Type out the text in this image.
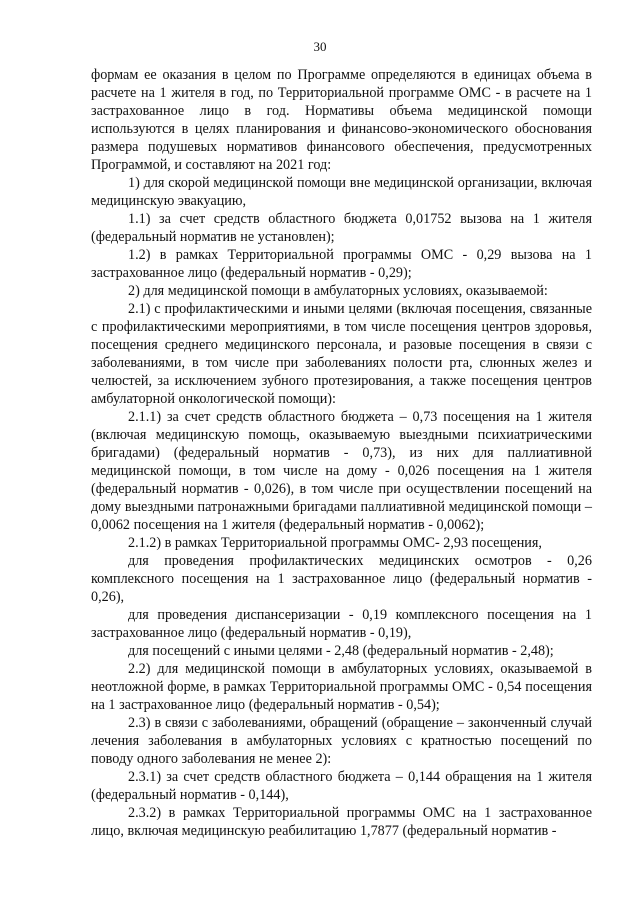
30

формам ее оказания в целом по Программе определяются в единицах объема в расчете на 1 жителя в год, по Территориальной программе ОМС - в расчете на 1 застрахованное лицо в год. Нормативы объема медицинской помощи используются в целях планирования и финансово-экономического обоснования размера подушевых нормативов финансового обеспечения, предусмотренных Программой, и составляют на 2021 год:

1) для скорой медицинской помощи вне медицинской организации, включая медицинскую эвакуацию,

1.1) за счет средств областного бюджета 0,01752 вызова на 1 жителя (федеральный норматив не установлен);

1.2) в рамках Территориальной программы ОМС - 0,29 вызова на 1 застрахованное лицо (федеральный норматив - 0,29);

2) для медицинской помощи в амбулаторных условиях, оказываемой:

2.1) с профилактическими и иными целями (включая посещения, связанные с профилактическими мероприятиями, в том числе посещения центров здоровья, посещения среднего медицинского персонала, и разовые посещения в связи с заболеваниями, в том числе при заболеваниях полости рта, слюнных желез и челюстей, за исключением зубного протезирования, а также посещения центров амбулаторной онкологической помощи):

2.1.1) за счет средств областного бюджета – 0,73 посещения на 1 жителя (включая медицинскую помощь, оказываемую выездными психиатрическими бригадами) (федеральный норматив - 0,73), из них для паллиативной медицинской помощи, в том числе на дому - 0,026 посещения на 1 жителя (федеральный норматив - 0,026), в том числе при осуществлении посещений на дому выездными патронажными бригадами паллиативной медицинской помощи – 0,0062 посещения на 1 жителя (федеральный норматив - 0,0062);

2.1.2) в рамках Территориальной программы ОМС- 2,93 посещения,

для проведения профилактических медицинских осмотров - 0,26 комплексного посещения на 1 застрахованное лицо (федеральный норматив - 0,26),

для проведения диспансеризации - 0,19 комплексного посещения на 1 застрахованное лицо (федеральный норматив - 0,19),

для посещений с иными целями - 2,48 (федеральный норматив - 2,48);

2.2) для медицинской помощи в амбулаторных условиях, оказываемой в неотложной форме, в рамках Территориальной программы ОМС - 0,54 посещения на 1 застрахованное лицо (федеральный норматив - 0,54);

2.3) в связи с заболеваниями, обращений (обращение – законченный случай лечения заболевания в амбулаторных условиях с кратностью посещений по поводу одного заболевания не менее 2):

2.3.1) за счет средств областного бюджета – 0,144 обращения на 1 жителя (федеральный норматив - 0,144),

2.3.2) в рамках Территориальной программы ОМС на 1 застрахованное лицо, включая медицинскую реабилитацию 1,7877 (федеральный норматив -
